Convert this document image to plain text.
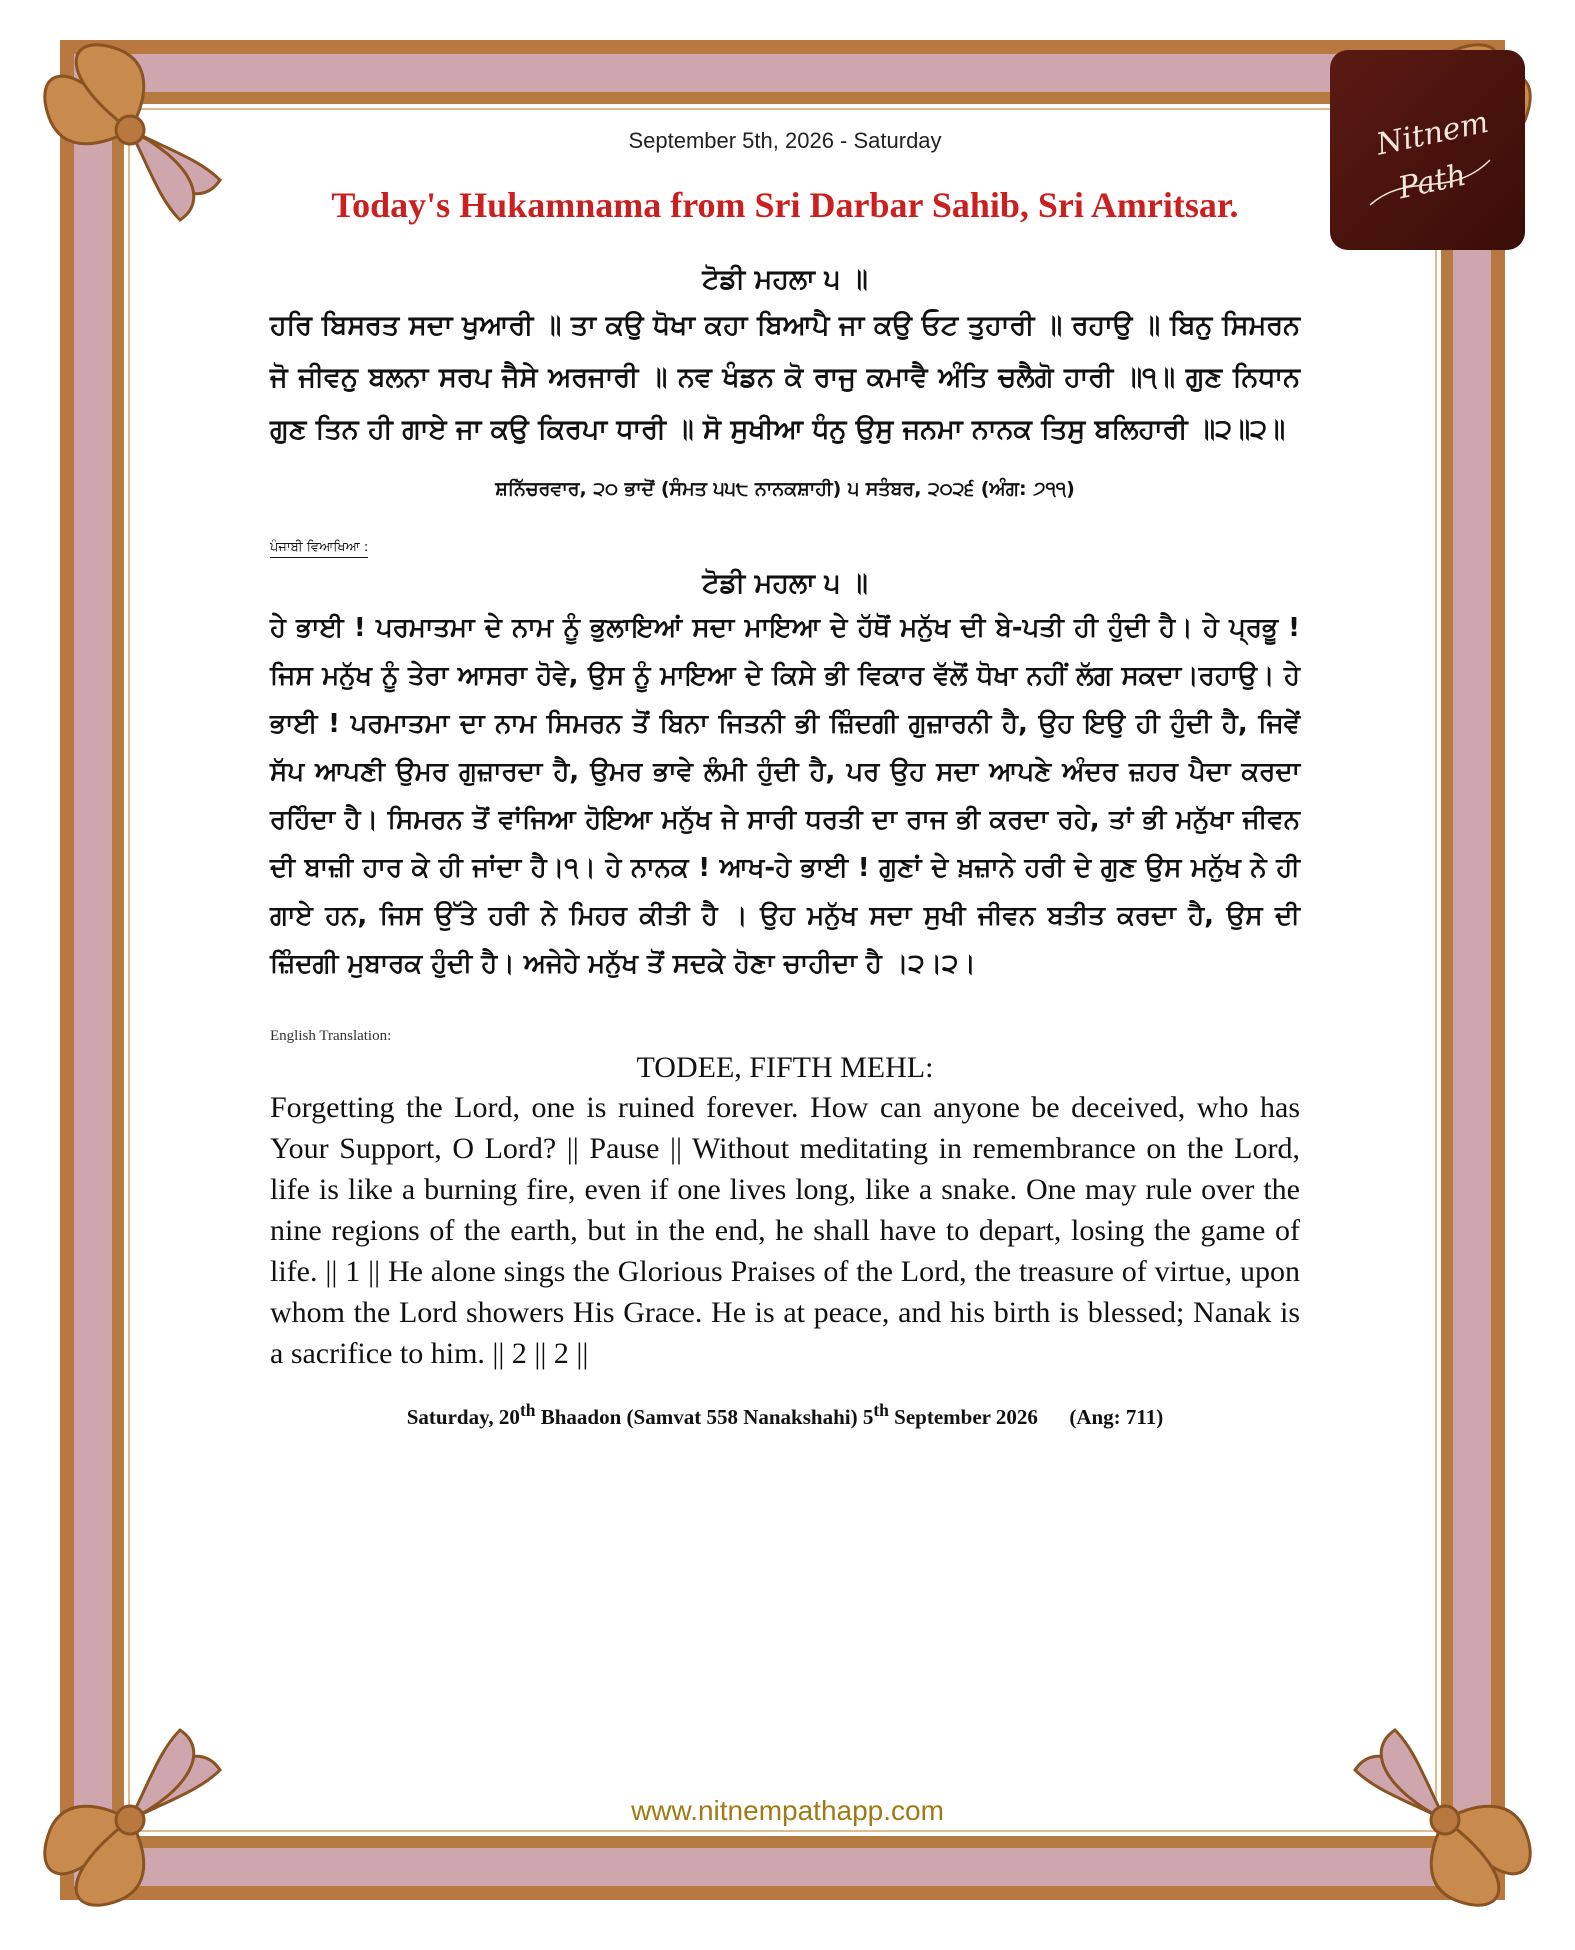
Nitnem
Path
September 5th, 2026 - Saturday
Today's Hukamnama from Sri Darbar Sahib, Sri Amritsar.
ਟੋਡੀ ਮਹਲਾ ੫ ॥
ਹਰਿ ਬਿਸਰਤ ਸਦਾ ਖੁਆਰੀ ॥ ਤਾ ਕਉ ਧੋਖਾ ਕਹਾ ਬਿਆਪੈ ਜਾ ਕਉ ਓਟ ਤੁਹਾਰੀ ॥ ਰਹਾਉ ॥ ਬਿਨੁ ਸਿਮਰਨ ਜੋ ਜੀਵਨੁ ਬਲਨਾ ਸਰਪ ਜੈਸੇ ਅਰਜਾਰੀ ॥ ਨਵ ਖੰਡਨ ਕੋ ਰਾਜੁ ਕਮਾਵੈ ਅੰਤਿ ਚਲੈਗੋ ਹਾਰੀ ॥੧॥ ਗੁਣ ਨਿਧਾਨ ਗੁਣ ਤਿਨ ਹੀ ਗਾਏ ਜਾ ਕਉ ਕਿਰਪਾ ਧਾਰੀ ॥ ਸੋ ਸੁਖੀਆ ਧੰਨੁ ਉਸੁ ਜਨਮਾ ਨਾਨਕ ਤਿਸੁ ਬਲਿਹਾਰੀ ॥੨॥੨॥
ਸ਼ਨਿੱਚਰਵਾਰ, ੨੦ ਭਾਦੋਂ (ਸੰਮਤ ੫੫੮ ਨਾਨਕਸ਼ਾਹੀ) ੫ ਸਤੰਬਰ, ੨੦੨੬ (ਅੰਗ: ੭੧੧)
ਪੰਜਾਬੀ ਵਿਆਖਿਆ :
ਟੋਡੀ ਮਹਲਾ ੫ ॥
ਹੇ ਭਾਈ ! ਪਰਮਾਤਮਾ ਦੇ ਨਾਮ ਨੂੰ ਭੁਲਾਇਆਂ ਸਦਾ ਮਾਇਆ ਦੇ ਹੱਥੋਂ ਮਨੁੱਖ ਦੀ ਬੇ-ਪਤੀ ਹੀ ਹੁੰਦੀ ਹੈ। ਹੇ ਪ੍ਰਭੂ ! ਜਿਸ ਮਨੁੱਖ ਨੂੰ ਤੇਰਾ ਆਸਰਾ ਹੋਵੇ, ਉਸ ਨੂੰ ਮਾਇਆ ਦੇ ਕਿਸੇ ਭੀ ਵਿਕਾਰ ਵੱਲੋਂ ਧੋਖਾ ਨਹੀਂ ਲੱਗ ਸਕਦਾ।ਰਹਾਉ। ਹੇ ਭਾਈ ! ਪਰਮਾਤਮਾ ਦਾ ਨਾਮ ਸਿਮਰਨ ਤੋਂ ਬਿਨਾ ਜਿਤਨੀ ਭੀ ਜ਼ਿੰਦਗੀ ਗੁਜ਼ਾਰਨੀ ਹੈ, ਉਹ ਇਉ ਹੀ ਹੁੰਦੀ ਹੈ, ਜਿਵੇਂ ਸੱਪ ਆਪਣੀ ਉਮਰ ਗੁਜ਼ਾਰਦਾ ਹੈ, ਉਮਰ ਭਾਵੇ ਲੰਮੀ ਹੁੰਦੀ ਹੈ, ਪਰ ਉਹ ਸਦਾ ਆਪਣੇ ਅੰਦਰ ਜ਼ਹਰ ਪੈਦਾ ਕਰਦਾ ਰਹਿੰਦਾ ਹੈ। ਸਿਮਰਨ ਤੋਂ ਵਾਂਜਿਆ ਹੋਇਆ ਮਨੁੱਖ ਜੇ ਸਾਰੀ ਧਰਤੀ ਦਾ ਰਾਜ ਭੀ ਕਰਦਾ ਰਹੇ, ਤਾਂ ਭੀ ਮਨੁੱਖਾ ਜੀਵਨ ਦੀ ਬਾਜ਼ੀ ਹਾਰ ਕੇ ਹੀ ਜਾਂਦਾ ਹੈ।੧। ਹੇ ਨਾਨਕ ! ਆਖ-ਹੇ ਭਾਈ ! ਗੁਣਾਂ ਦੇ ਖ਼ਜ਼ਾਨੇ ਹਰੀ ਦੇ ਗੁਣ ਉਸ ਮਨੁੱਖ ਨੇ ਹੀ ਗਾਏ ਹਨ, ਜਿਸ ਉੱਤੇ ਹਰੀ ਨੇ ਮਿਹਰ ਕੀਤੀ ਹੈ । ਉਹ ਮਨੁੱਖ ਸਦਾ ਸੁਖੀ ਜੀਵਨ ਬਤੀਤ ਕਰਦਾ ਹੈ, ਉਸ ਦੀ ਜ਼ਿੰਦਗੀ ਮੁਬਾਰਕ ਹੁੰਦੀ ਹੈ। ਅਜੇਹੇ ਮਨੁੱਖ ਤੋਂ ਸਦਕੇ ਹੋਣਾ ਚਾਹੀਦਾ ਹੈ ।੨।੨।
English Translation:
TODEE, FIFTH MEHL:
Forgetting the Lord, one is ruined forever. How can anyone be deceived, who has Your Support, O Lord? || Pause || Without meditating in remembrance on the Lord, life is like a burning fire, even if one lives long, like a snake. One may rule over the nine regions of the earth, but in the end, he shall have to depart, losing the game of life. || 1 || He alone sings the Glorious Praises of the Lord, the treasure of virtue, upon whom the Lord showers His Grace. He is at peace, and his birth is blessed; Nanak is a sacrifice to him. || 2 || 2 ||
Saturday, 20th Bhaadon (Samvat 558 Nanakshahi) 5th September 2026 (Ang: 711)
www.nitnempathapp.com
